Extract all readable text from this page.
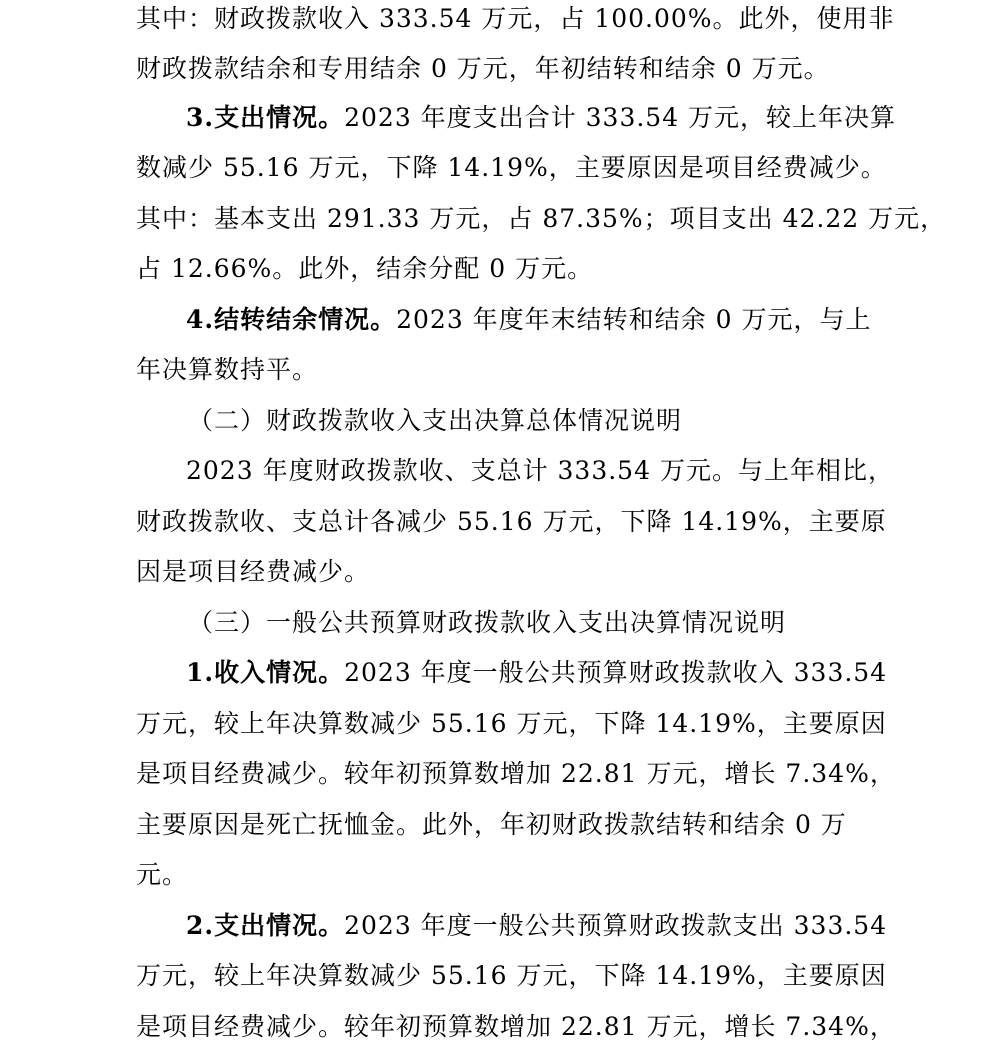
其中：财政拨款收入 333.54 万元，占 100.00%。此外，使用非
财政拨款结余和专用结余 0 万元，年初结转和结余 0 万元。
3.支出情况。2023 年度支出合计 333.54 万元，较上年决算
数减少 55.16 万元，下降 14.19%，主要原因是项目经费减少。
其中：基本支出 291.33 万元，占 87.35%；项目支出 42.22 万元，
占 12.66%。此外，结余分配 0 万元。
4.结转结余情况。2023 年度年末结转和结余 0 万元，与上
年决算数持平。
（二）财政拨款收入支出决算总体情况说明
2023 年度财政拨款收、支总计 333.54 万元。与上年相比，
财政拨款收、支总计各减少 55.16 万元，下降 14.19%，主要原
因是项目经费减少。
（三）一般公共预算财政拨款收入支出决算情况说明
1.收入情况。2023 年度一般公共预算财政拨款收入 333.54
万元，较上年决算数减少 55.16 万元，下降 14.19%，主要原因
是项目经费减少。较年初预算数增加 22.81 万元，增长 7.34%，
主要原因是死亡抚恤金。此外，年初财政拨款结转和结余 0 万
元。
2.支出情况。2023 年度一般公共预算财政拨款支出 333.54
万元，较上年决算数减少 55.16 万元，下降 14.19%，主要原因
是项目经费减少。较年初预算数增加 22.81 万元，增长 7.34%，
